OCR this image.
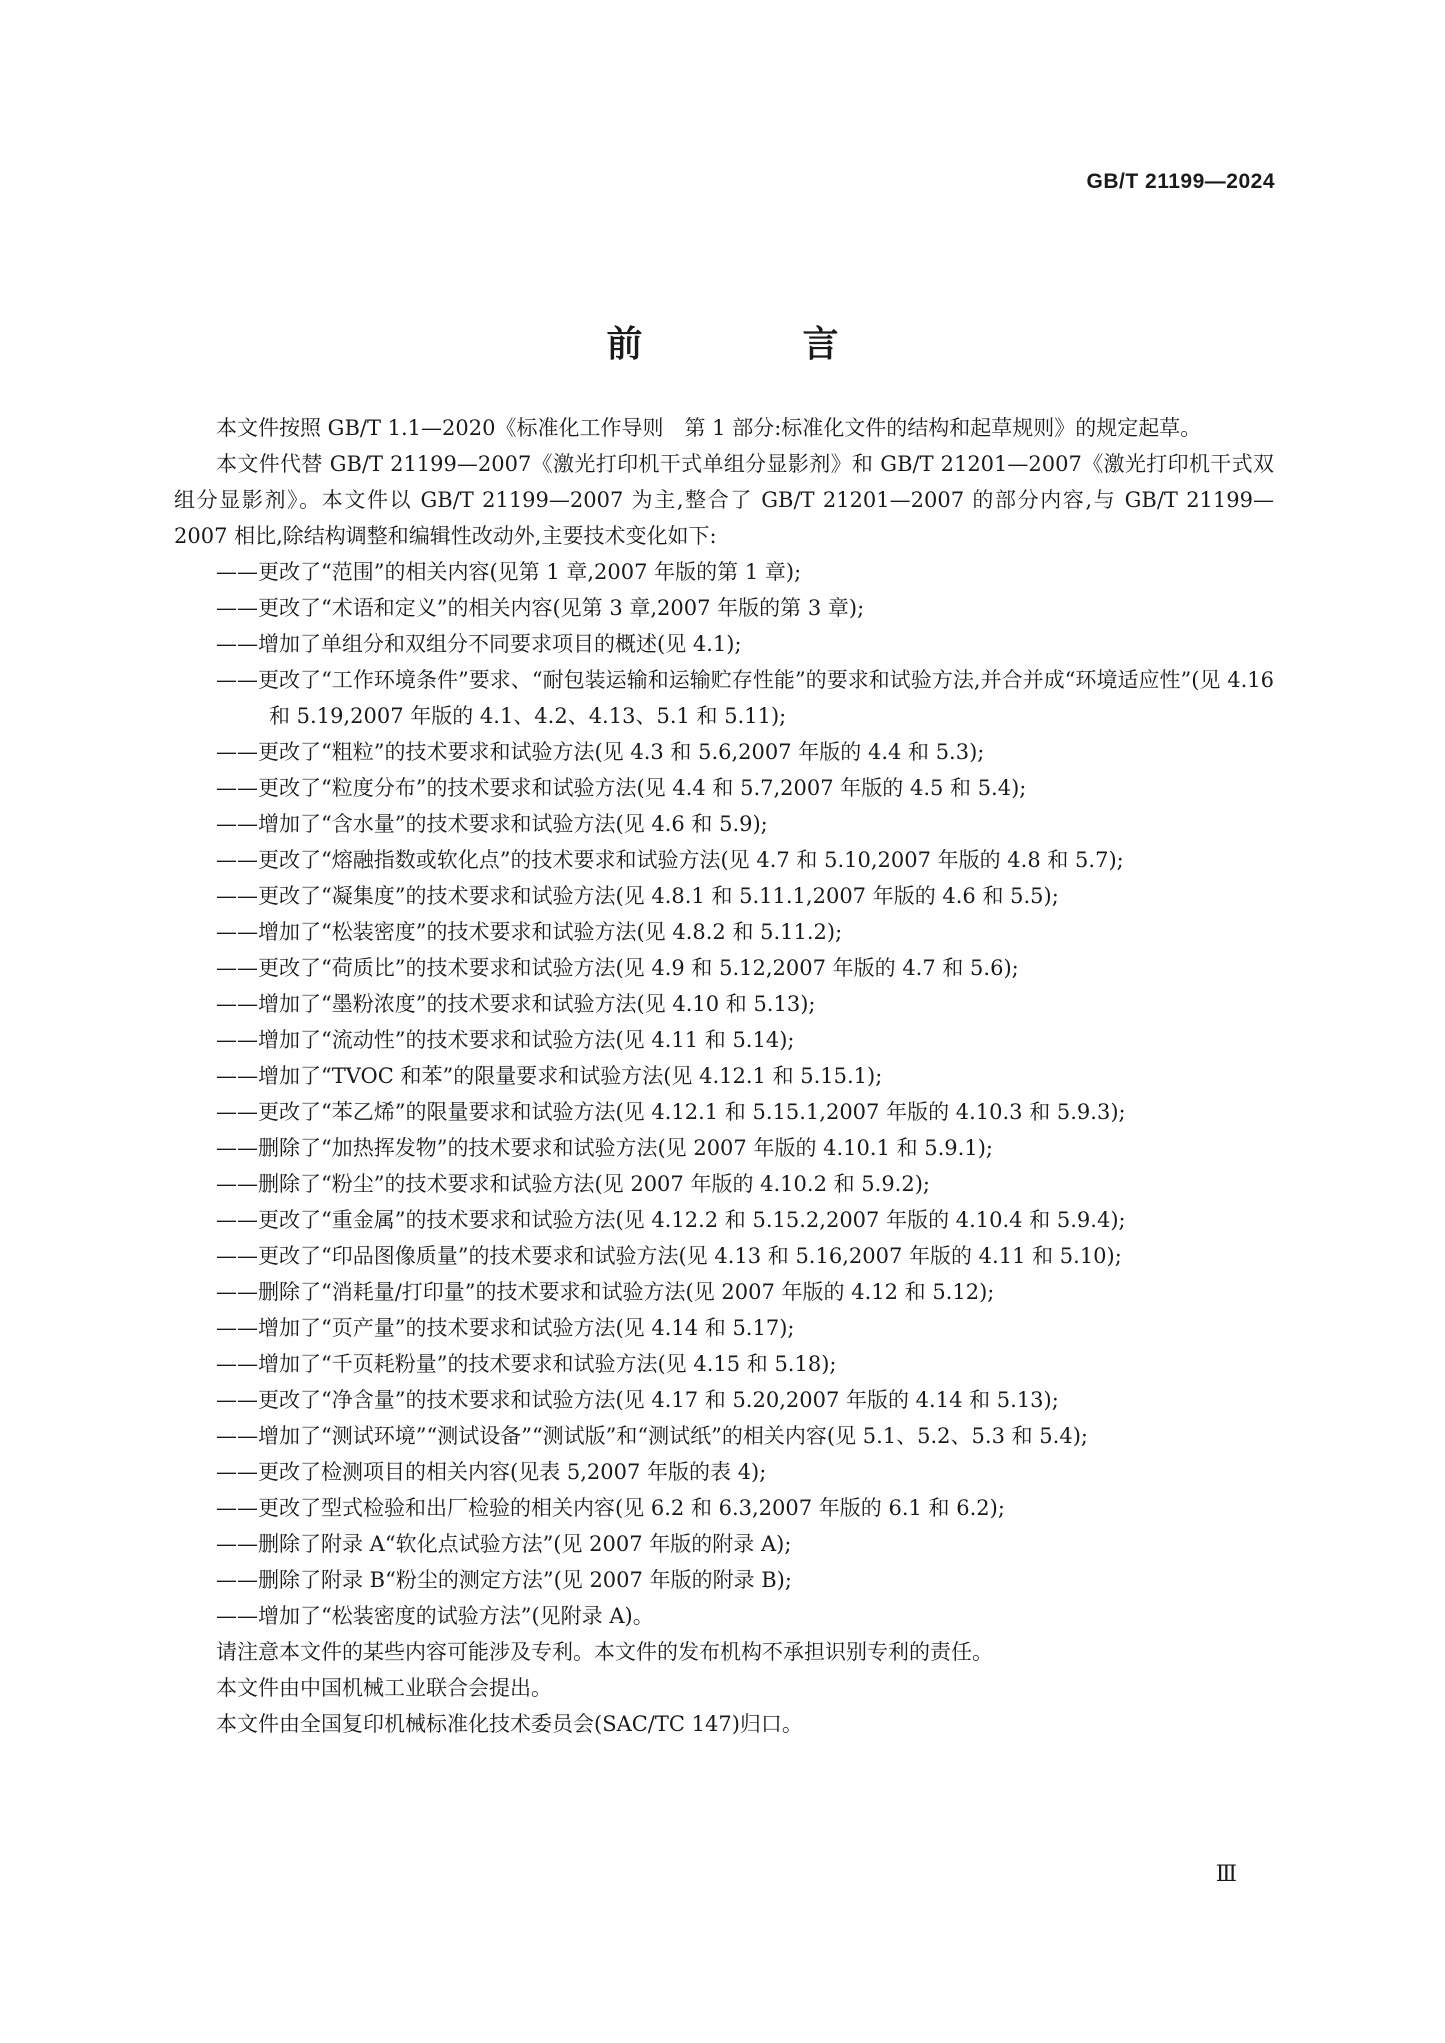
GB/T 21199—2024
前　言

本文件按照 GB/T 1.1—2020《标准化工作导则　第 1 部分:标准化文件的结构和起草规则》的规定起草。

本文件代替 GB/T 21199—2007《激光打印机干式单组分显影剂》和 GB/T 21201—2007《激光打印机干式双组分显影剂》。本文件以 GB/T 21199—2007 为主,整合了 GB/T 21201—2007 的部分内容,与 GB/T 21199—2007 相比,除结构调整和编辑性改动外,主要技术变化如下:

——更改了“范围”的相关内容(见第 1 章,2007 年版的第 1 章);
——更改了“术语和定义”的相关内容(见第 3 章,2007 年版的第 3 章);
——增加了单组分和双组分不同要求项目的概述(见 4.1);
——更改了“工作环境条件”要求、“耐包装运输和运输贮存性能”的要求和试验方法,并合并成“环境适应性”(见 4.16 和 5.19,2007 年版的 4.1、4.2、4.13、5.1 和 5.11);
——更改了“粗粒”的技术要求和试验方法(见 4.3 和 5.6,2007 年版的 4.4 和 5.3);
——更改了“粒度分布”的技术要求和试验方法(见 4.4 和 5.7,2007 年版的 4.5 和 5.4);
——增加了“含水量”的技术要求和试验方法(见 4.6 和 5.9);
——更改了“熔融指数或软化点”的技术要求和试验方法(见 4.7 和 5.10,2007 年版的 4.8 和 5.7);
——更改了“凝集度”的技术要求和试验方法(见 4.8.1 和 5.11.1,2007 年版的 4.6 和 5.5);
——增加了“松装密度”的技术要求和试验方法(见 4.8.2 和 5.11.2);
——更改了“荷质比”的技术要求和试验方法(见 4.9 和 5.12,2007 年版的 4.7 和 5.6);
——增加了“墨粉浓度”的技术要求和试验方法(见 4.10 和 5.13);
——增加了“流动性”的技术要求和试验方法(见 4.11 和 5.14);
——增加了“TVOC 和苯”的限量要求和试验方法(见 4.12.1 和 5.15.1);
——更改了“苯乙烯”的限量要求和试验方法(见 4.12.1 和 5.15.1,2007 年版的 4.10.3 和 5.9.3);
——删除了“加热挥发物”的技术要求和试验方法(见 2007 年版的 4.10.1 和 5.9.1);
——删除了“粉尘”的技术要求和试验方法(见 2007 年版的 4.10.2 和 5.9.2);
——更改了“重金属”的技术要求和试验方法(见 4.12.2 和 5.15.2,2007 年版的 4.10.4 和 5.9.4);
——更改了“印品图像质量”的技术要求和试验方法(见 4.13 和 5.16,2007 年版的 4.11 和 5.10);
——删除了“消耗量/打印量”的技术要求和试验方法(见 2007 年版的 4.12 和 5.12);
——增加了“页产量”的技术要求和试验方法(见 4.14 和 5.17);
——增加了“千页耗粉量”的技术要求和试验方法(见 4.15 和 5.18);
——更改了“净含量”的技术要求和试验方法(见 4.17 和 5.20,2007 年版的 4.14 和 5.13);
——增加了“测试环境”“测试设备”“测试版”和“测试纸”的相关内容(见 5.1、5.2、5.3 和 5.4);
——更改了检测项目的相关内容(见表 5,2007 年版的表 4);
——更改了型式检验和出厂检验的相关内容(见 6.2 和 6.3,2007 年版的 6.1 和 6.2);
——删除了附录 A“软化点试验方法”(见 2007 年版的附录 A);
——删除了附录 B“粉尘的测定方法”(见 2007 年版的附录 B);
——增加了“松装密度的试验方法”(见附录 A)。

请注意本文件的某些内容可能涉及专利。本文件的发布机构不承担识别专利的责任。

本文件由中国机械工业联合会提出。

本文件由全国复印机械标准化技术委员会(SAC/TC 147)归口。

Ⅲ
